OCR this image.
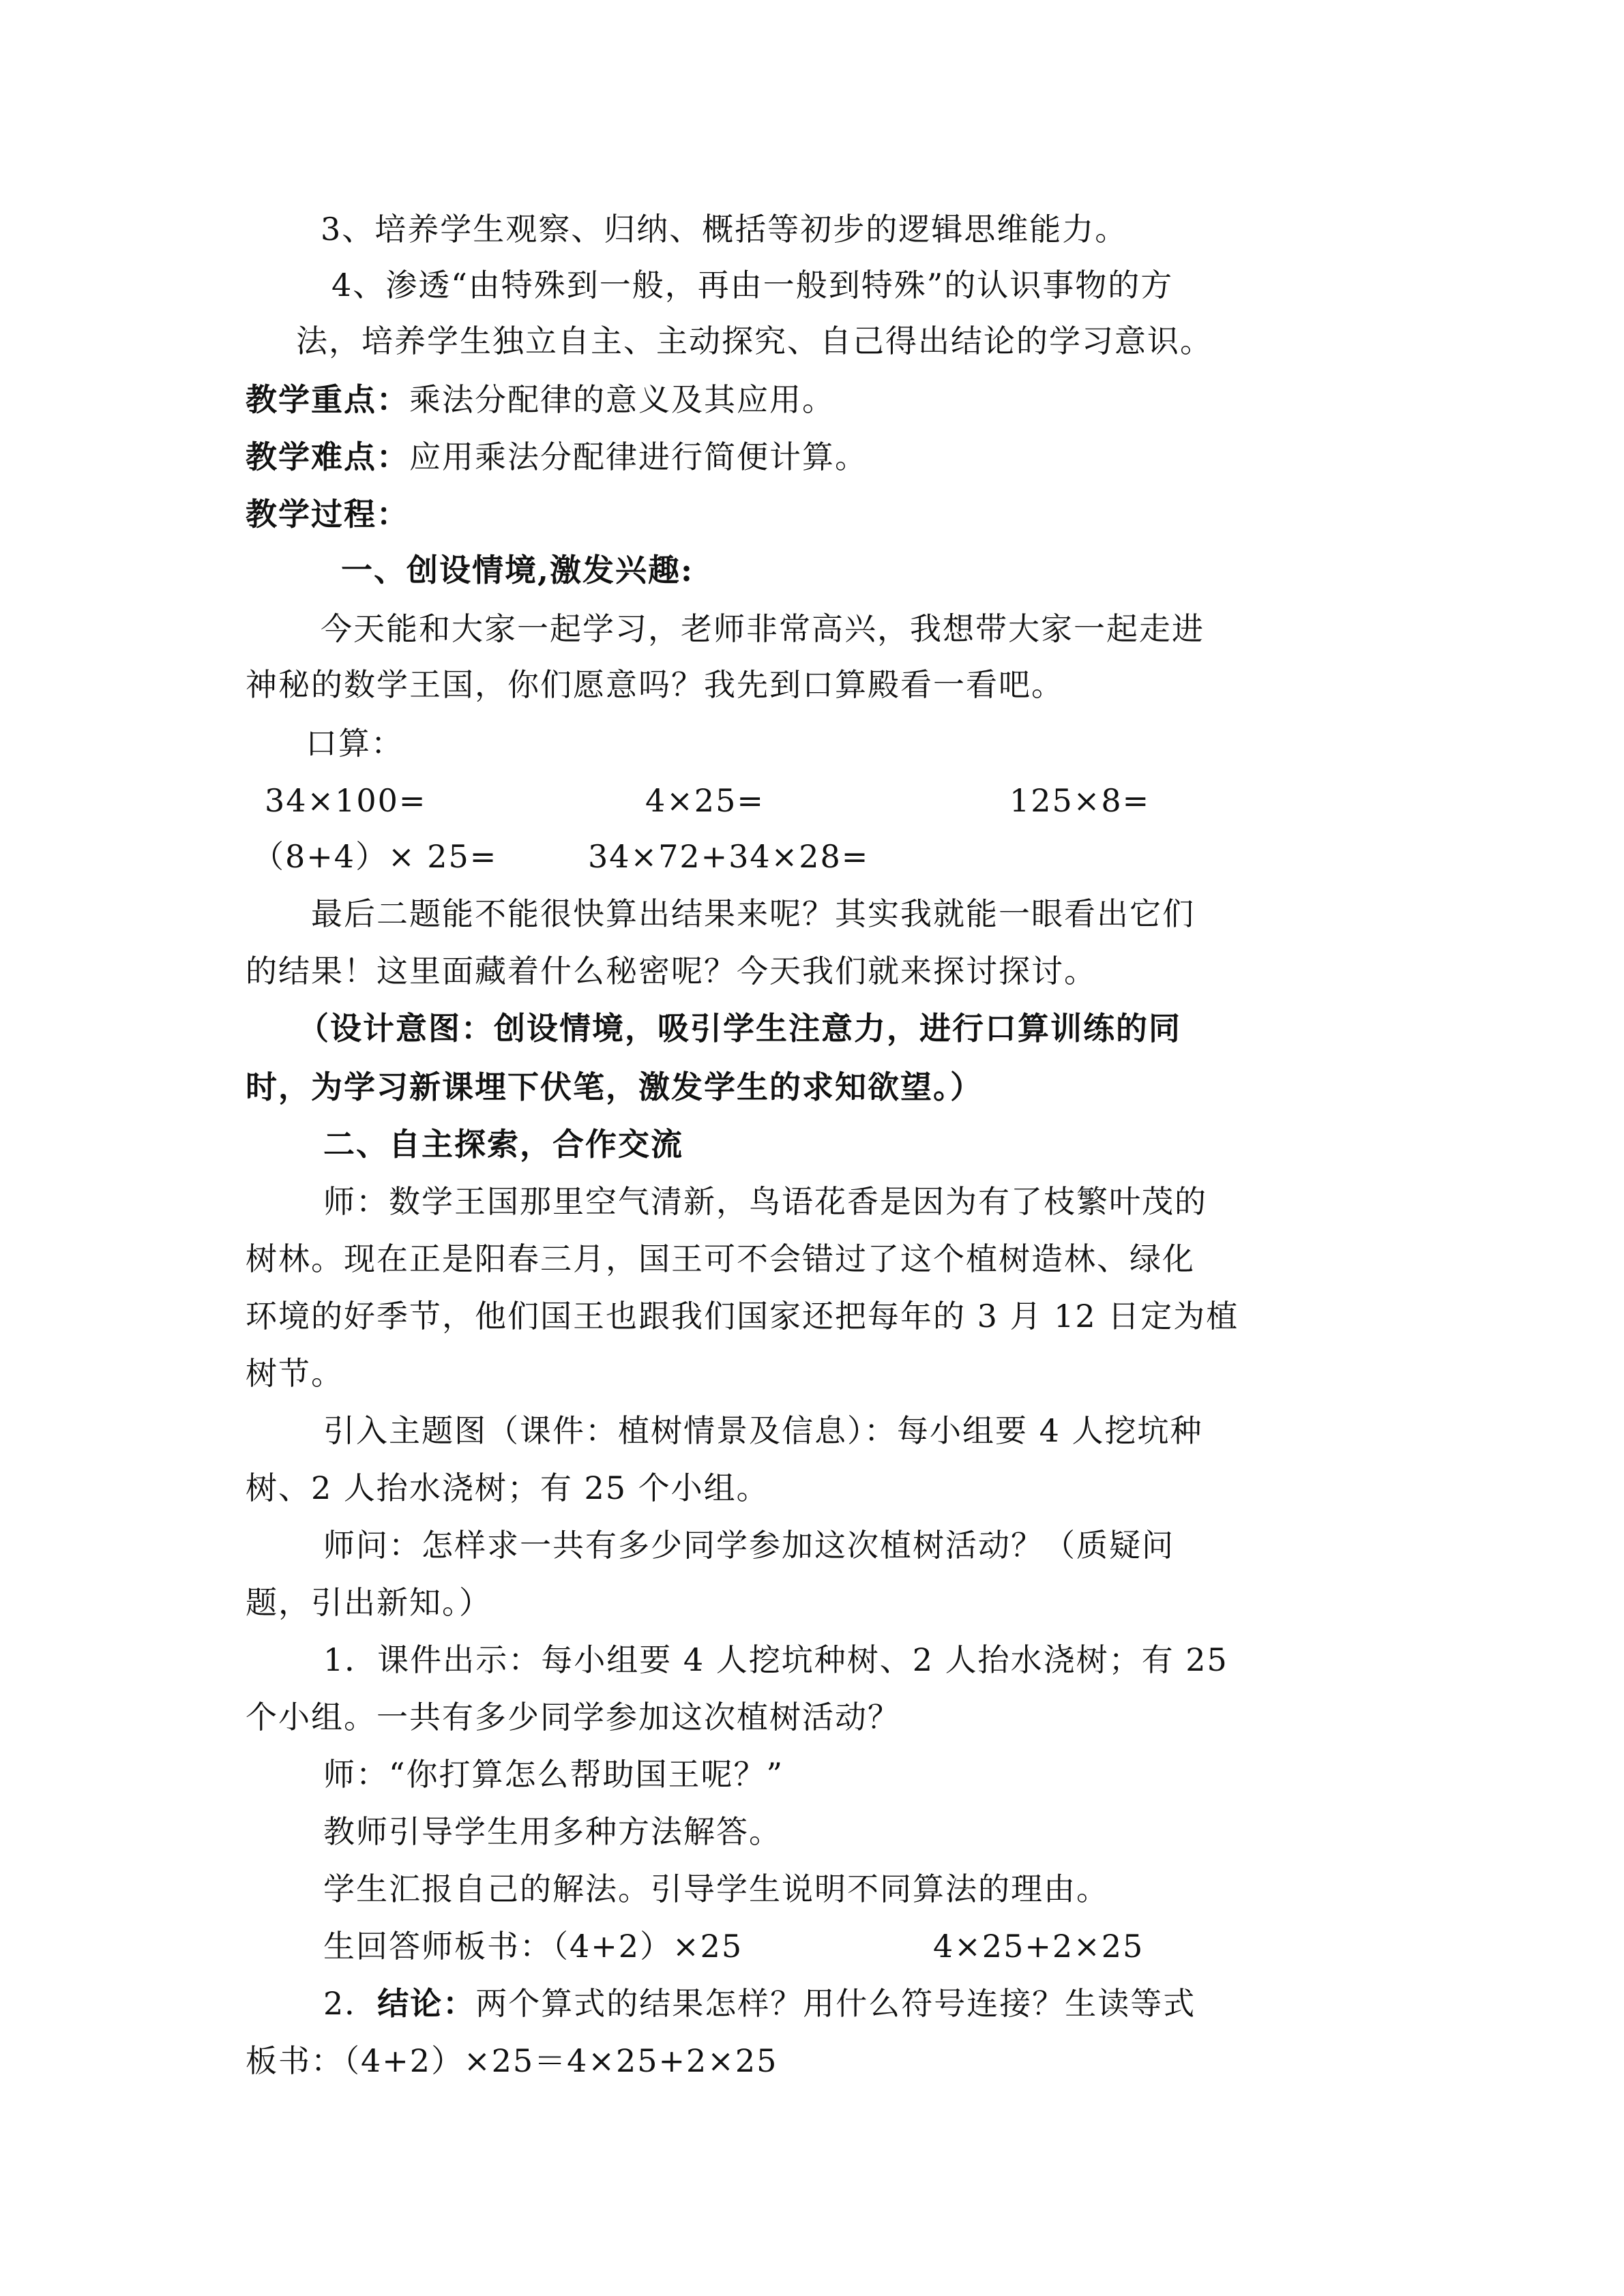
3、培养学生观察、归纳、概括等初步的逻辑思维能力。
4、渗透“由特殊到一般，再由一般到特殊”的认识事物的方
法，培养学生独立自主、主动探究、自己得出结论的学习意识。
教学重点：乘法分配律的意义及其应用。
教学难点：应用乘法分配律进行简便计算。
教学过程：
一、创设情境,激发兴趣:
今天能和大家一起学习，老师非常高兴，我想带大家一起走进
神秘的数学王国，你们愿意吗？我先到口算殿看一看吧。
口算：
34×100=	4×25=	125×8=
（8+4）× 25=	34×72+34×28=
最后二题能不能很快算出结果来呢？其实我就能一眼看出它们
的结果！这里面藏着什么秘密呢？今天我们就来探讨探讨。
（设计意图：创设情境，吸引学生注意力，进行口算训练的同
时，为学习新课埋下伏笔，激发学生的求知欲望。）
二、自主探索，合作交流
师：数学王国那里空气清新，鸟语花香是因为有了枝繁叶茂的
树林。现在正是阳春三月，国王可不会错过了这个植树造林、绿化
环境的好季节，他们国王也跟我们国家还把每年的 3 月 12 日定为植
树节。
引入主题图（课件：植树情景及信息）：每小组要 4 人挖坑种
树、2 人抬水浇树；有 25 个小组。
师问：怎样求一共有多少同学参加这次植树活动？（质疑问
题，引出新知。）
1．课件出示：每小组要 4 人挖坑种树、2 人抬水浇树；有 25
个小组。一共有多少同学参加这次植树活动？
师：“你打算怎么帮助国王呢？”
教师引导学生用多种方法解答。
学生汇报自己的解法。引导学生说明不同算法的理由。
生回答师板书：（4+2）×25	4×25+2×25
2．结论：两个算式的结果怎样？用什么符号连接？生读等式
板书：（4+2）×25＝4×25+2×25
